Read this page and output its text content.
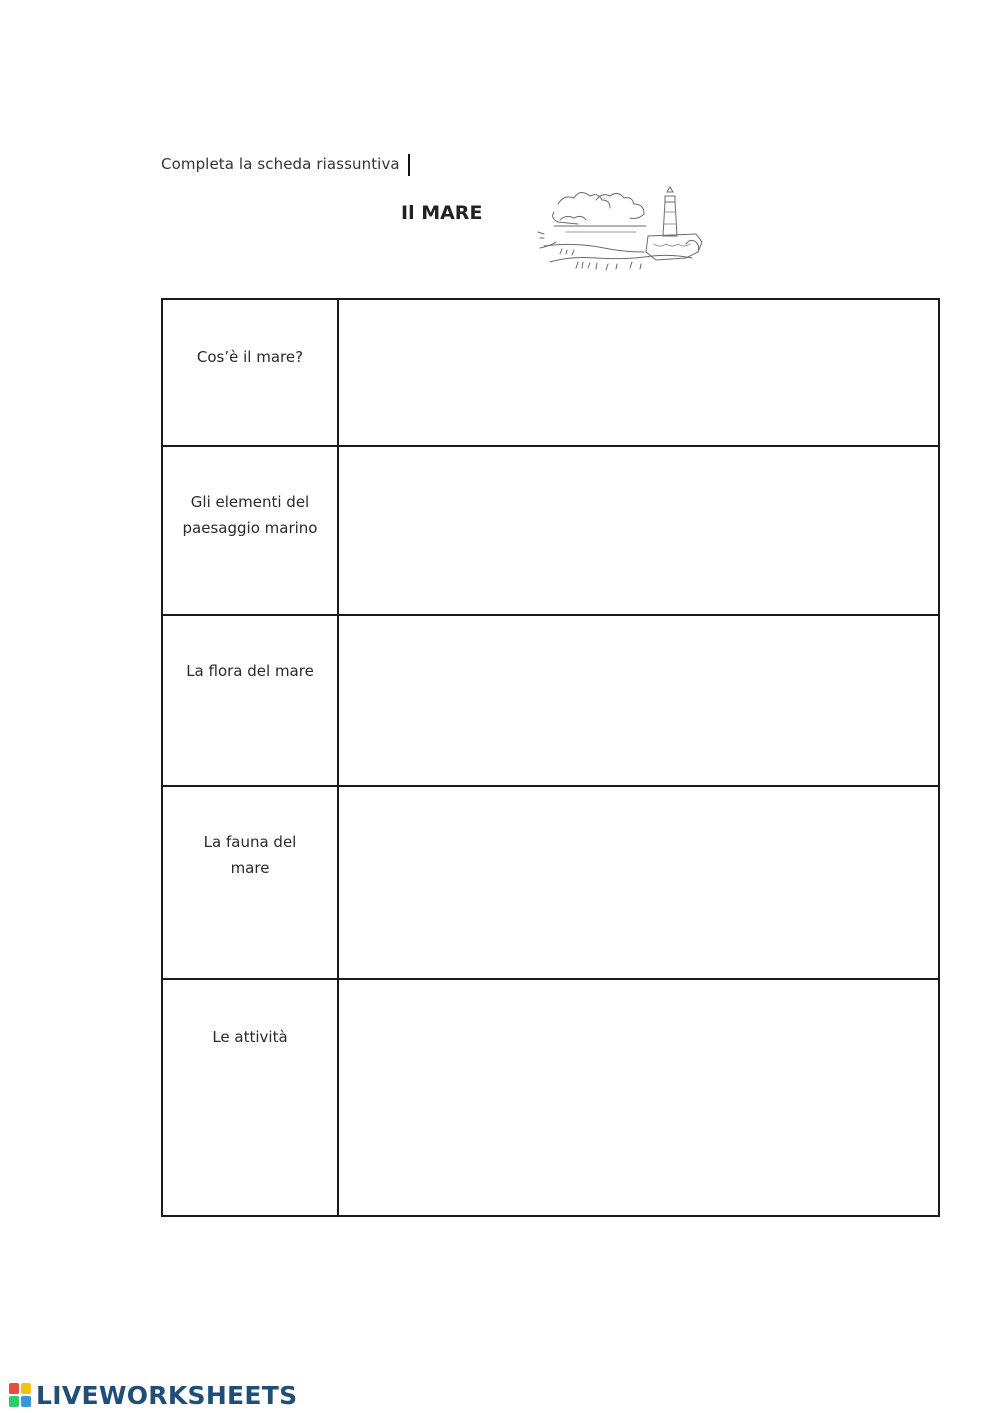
Completa la scheda riassuntiva
Il MARE
Cos’è il mare?
Gli elementi del paesaggio marino
La flora del mare
La fauna del mare
Le attività
LIVEWORKSHEETS
